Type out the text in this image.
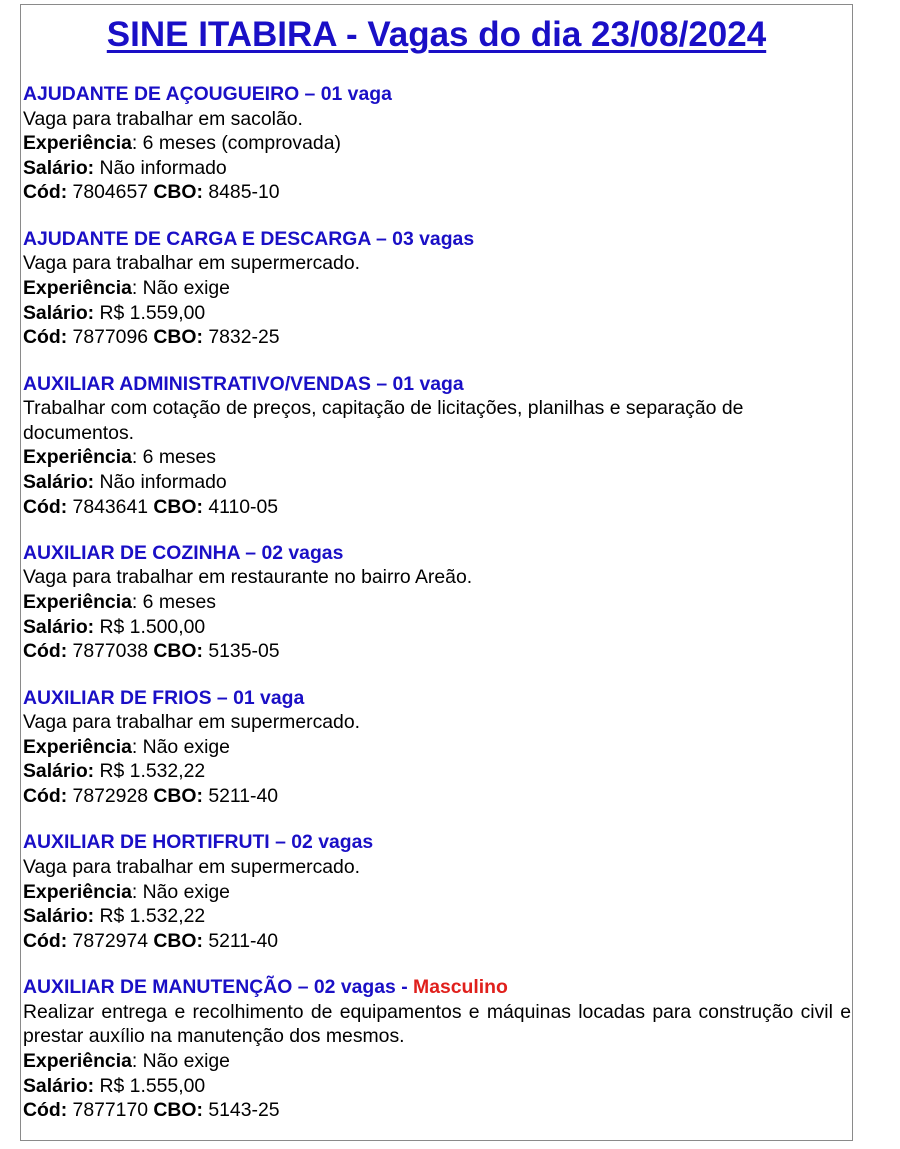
SINE ITABIRA - Vagas do dia 23/08/2024
AJUDANTE DE AÇOUGUEIRO – 01 vaga
Vaga para trabalhar em sacolão.
Experiência: 6 meses (comprovada)
Salário: Não informado
Cód: 7804657 CBO: 8485-10
AJUDANTE DE CARGA E DESCARGA – 03 vagas
Vaga para trabalhar em supermercado.
Experiência: Não exige
Salário: R$ 1.559,00
Cód: 7877096 CBO: 7832-25
AUXILIAR ADMINISTRATIVO/VENDAS – 01 vaga
Trabalhar com cotação de preços, capitação de licitações, planilhas e separação de documentos.
Experiência: 6 meses
Salário: Não informado
Cód: 7843641 CBO: 4110-05
AUXILIAR DE COZINHA – 02 vagas
Vaga para trabalhar em restaurante no bairro Areão.
Experiência: 6 meses
Salário: R$ 1.500,00
Cód: 7877038 CBO: 5135-05
AUXILIAR DE FRIOS – 01 vaga
Vaga para trabalhar em supermercado.
Experiência: Não exige
Salário: R$ 1.532,22
Cód: 7872928 CBO: 5211-40
AUXILIAR DE HORTIFRUTI – 02 vagas
Vaga para trabalhar em supermercado.
Experiência: Não exige
Salário: R$ 1.532,22
Cód: 7872974 CBO: 5211-40
AUXILIAR DE MANUTENÇÃO – 02 vagas - Masculino
Realizar entrega e recolhimento de equipamentos e máquinas locadas para construção civil e prestar auxílio na manutenção dos mesmos.
Experiência: Não exige
Salário: R$ 1.555,00
Cód: 7877170 CBO: 5143-25
